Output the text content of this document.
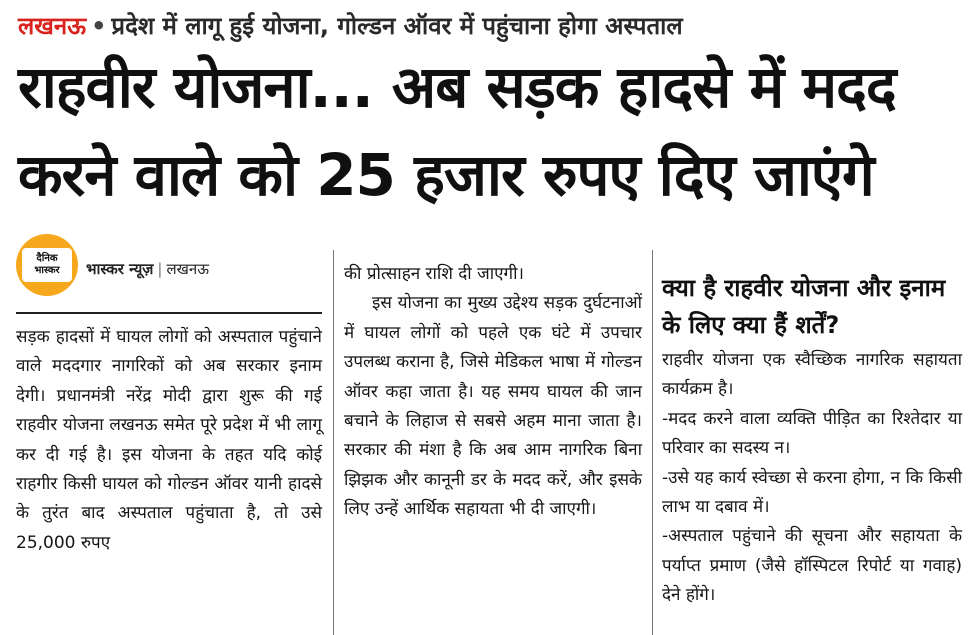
लखनऊ • प्रदेश में लागू हुई योजना, गोल्डन ऑवर में पहुंचाना होगा अस्पताल
राहवीर योजना... अब सड़क हादसे में मदद
करने वाले को 25 हजार रुपए दिए जाएंगे
दैनिक
भास्कर भास्कर न्यूज़ | लखनऊ

सड़क हादसों में घायल लोगों को अस्पताल पहुंचाने वाले मददगार नागरिकों को अब सरकार इनाम देगी। प्रधानमंत्री नरेंद्र मोदी द्वारा शुरू की गई राहवीर योजना लखनऊ समेत पूरे प्रदेश में भी लागू कर दी गई है। इस योजना के तहत यदि कोई राहगीर किसी घायल को गोल्डन ऑवर यानी हादसे के तुरंत बाद अस्पताल पहुंचाता है, तो उसे 25,000 रुपए

की प्रोत्साहन राशि दी जाएगी।

इस योजना का मुख्य उद्देश्य सड़क दुर्घटनाओं में घायल लोगों को पहले एक घंटे में उपचार उपलब्ध कराना है, जिसे मेडिकल भाषा में गोल्डन ऑवर कहा जाता है। यह समय घायल की जान बचाने के लिहाज से सबसे अहम माना जाता है। सरकार की मंशा है कि अब आम नागरिक बिना झिझक और कानूनी डर के मदद करें, और इसके लिए उन्हें आर्थिक सहायता भी दी जाएगी।

क्या है राहवीर योजना और इनाम के लिए क्या हैं शर्तें?

राहवीर योजना एक स्वैच्छिक नागरिक सहायता कार्यक्रम है।

-मदद करने वाला व्यक्ति पीड़ित का रिश्तेदार या परिवार का सदस्य न।

-उसे यह कार्य स्वेच्छा से करना होगा, न कि किसी लाभ या दबाव में।

-अस्पताल पहुंचाने की सूचना और सहायता के पर्याप्त प्रमाण (जैसे हॉस्पिटल रिपोर्ट या गवाह) देने होंगे।
